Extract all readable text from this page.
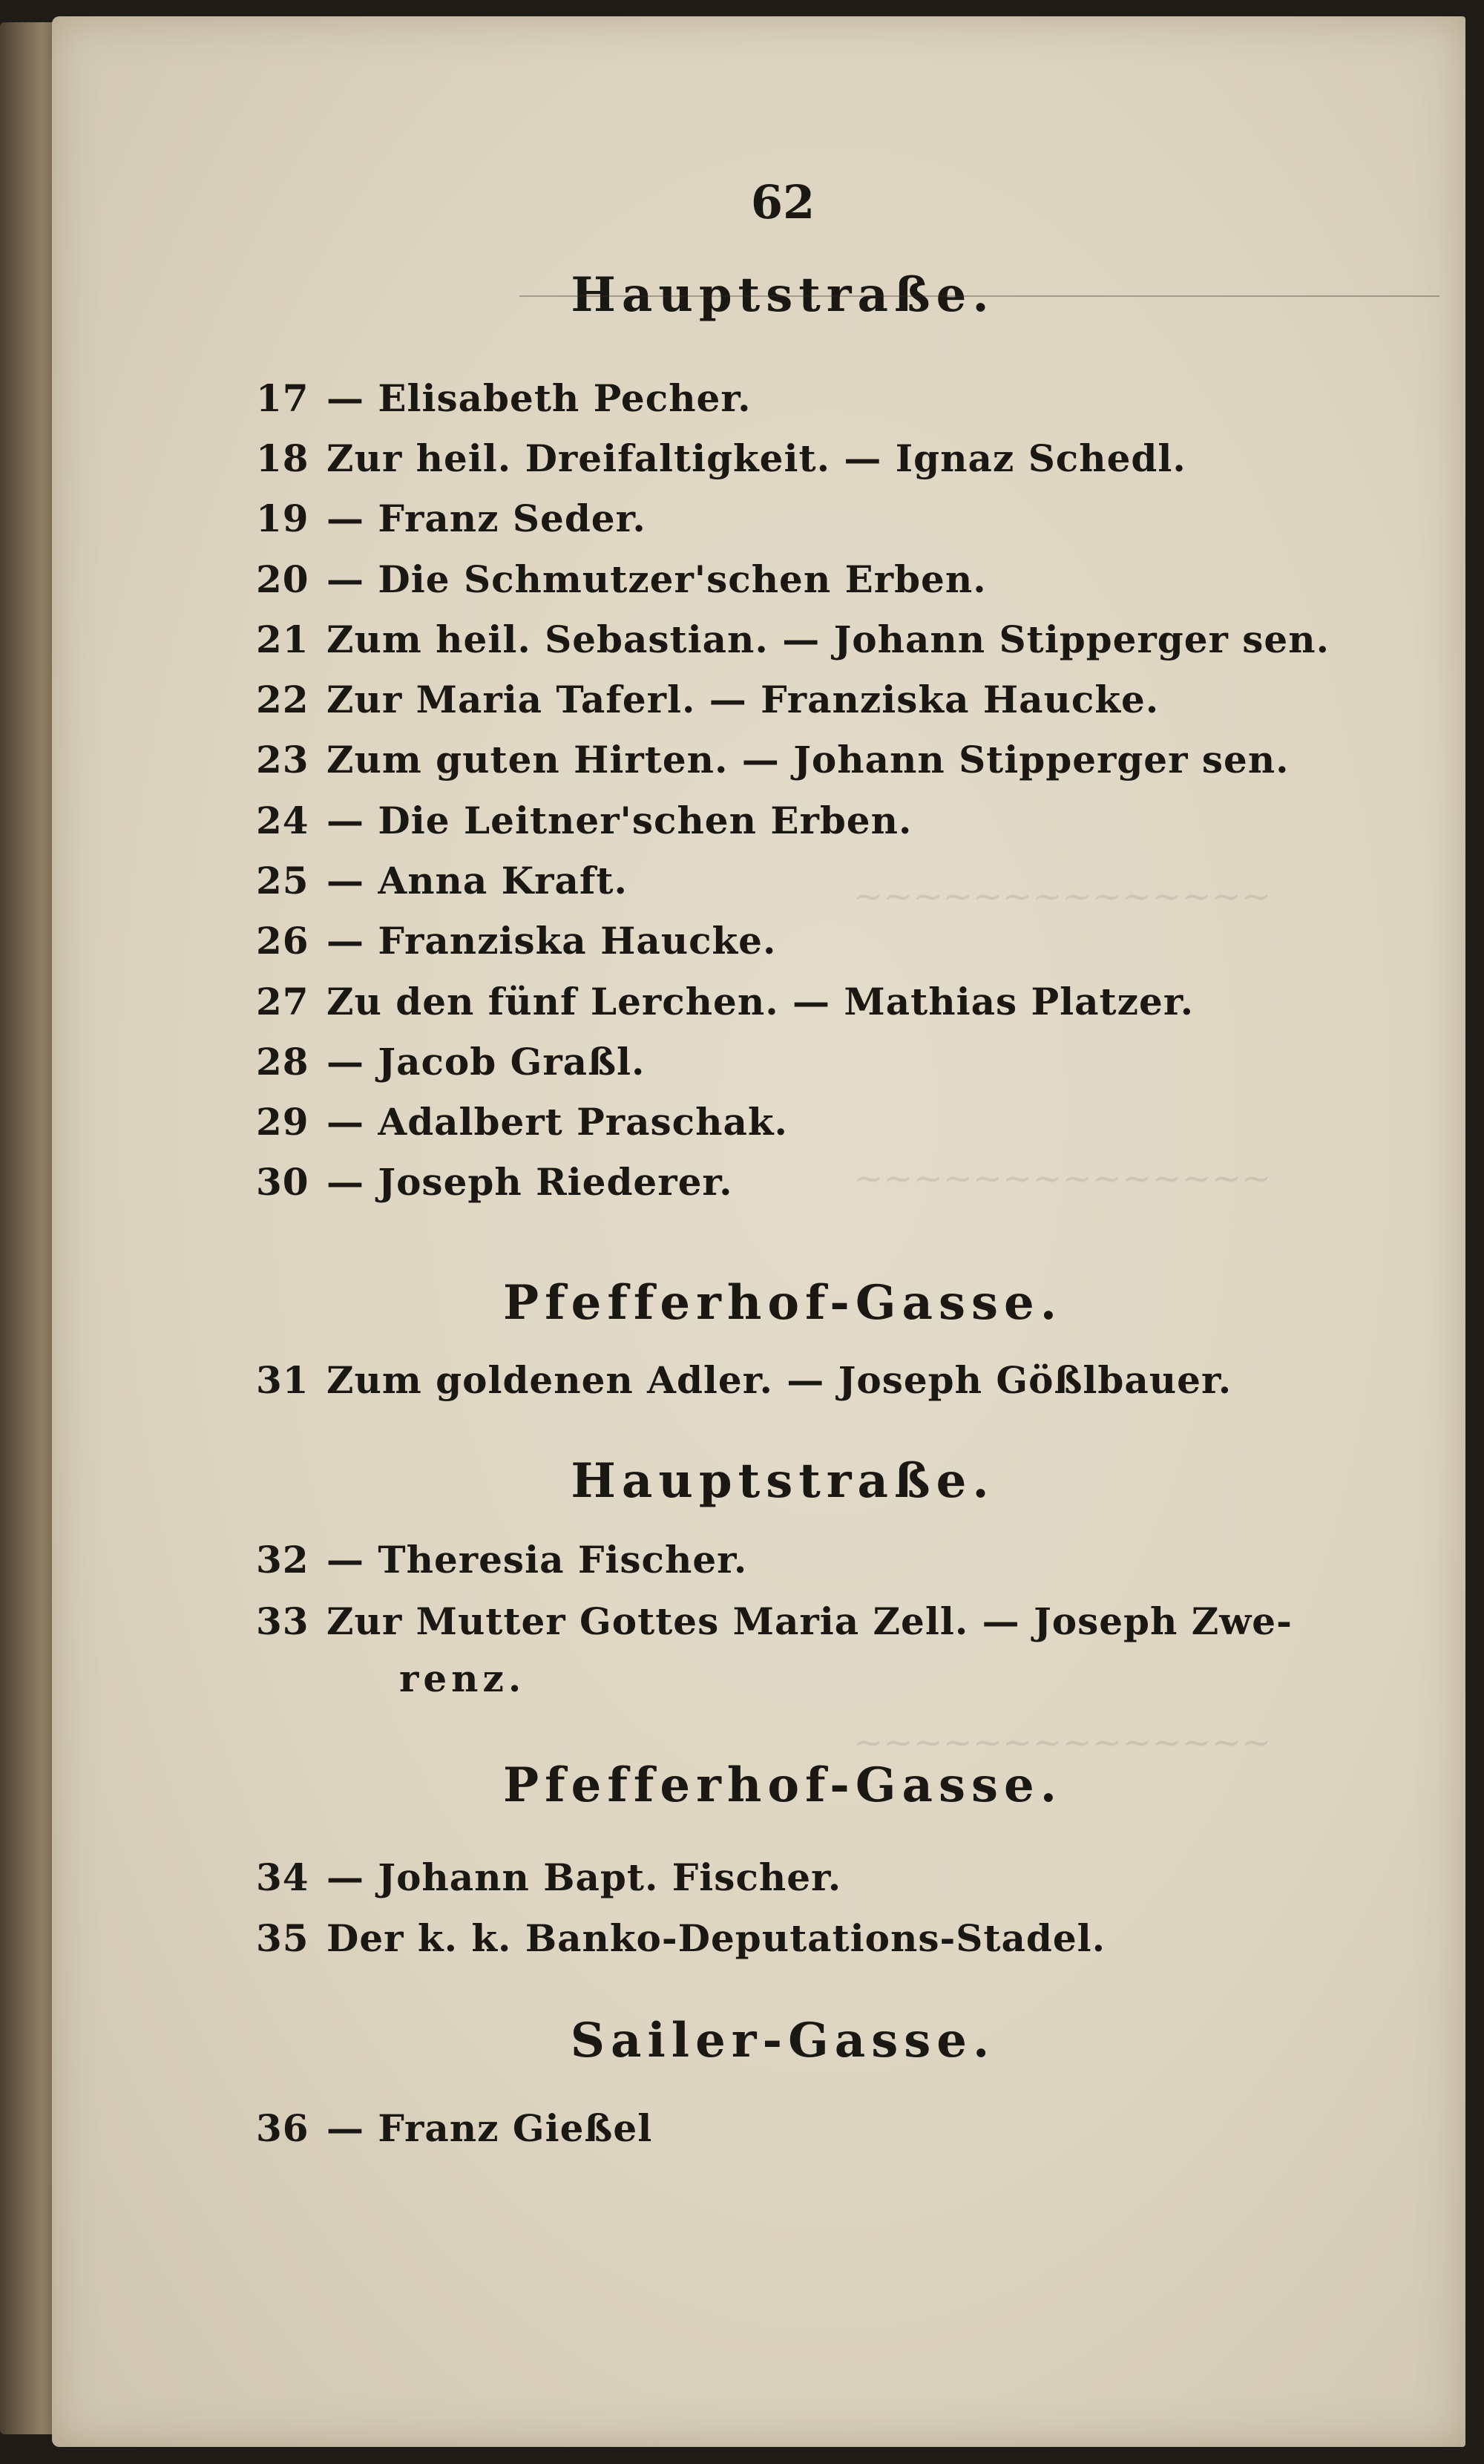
~~~~~~~~~~~~~~
~~~~~~~~~~~~~~
~~~~~~~~~~~~~~
62
Hauptstraße.
17 — Elisabeth Pecher.
18 Zur heil. Dreifaltigkeit. — Ignaz Schedl.
19 — Franz Seder.
20 — Die Schmutzer'schen Erben.
21 Zum heil. Sebastian. — Johann Stipperger sen.
22 Zur Maria Taferl. — Franziska Haucke.
23 Zum guten Hirten. — Johann Stipperger sen.
24 — Die Leitner'schen Erben.
25 — Anna Kraft.
26 — Franziska Haucke.
27 Zu den fünf Lerchen. — Mathias Platzer.
28 — Jacob Graßl.
29 — Adalbert Praschak.
30 — Joseph Riederer.
Pfefferhof-Gasse.
31 Zum goldenen Adler. — Joseph Gößlbauer.
Hauptstraße.
32 — Theresia Fischer.
33 Zur Mutter Gottes Maria Zell. — Joseph Zwe-
renz.
Pfefferhof-Gasse.
34 — Johann Bapt. Fischer.
35 Der k. k. Banko-Deputations-Stadel.
Sailer-Gasse.
36 — Franz Gießel
